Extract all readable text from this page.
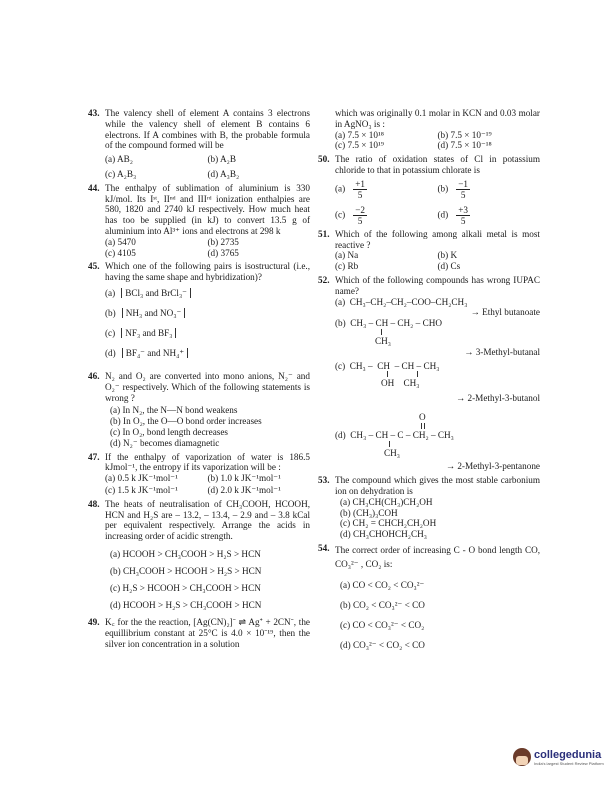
43. The valency shell of element A contains 3 electrons while the valency shell of element B contains 6 electrons. If A combines with B, the probable formula of the compound formed will be
(a) AB₂	(b) A₂B
(c) A₂B₃	(d) A₃B₂
44. The enthalpy of sublimation of aluminium is 330 kJ/mol. Its Iˢᵗ, IIⁿᵈ and IIIʳᵈ ionization enthalpies are 580, 1820 and 2740 kJ respectively. How much heat has too be supplied (in kJ) to convert 13.5 g of aluminium into Al³⁺ ions and electrons at 298 k
(a) 5470	(b) 2735
(c) 4105	(d) 3765
45. Which one of the following pairs is isostructural (i.e., having the same shape and hybridization)?
(a) BCl₃ and BrCl₃⁻
(b) NH₃ and NO₃⁻
(c) NF₃ and BF₃
(d) BF₄⁻ and NH₄⁺
46. N₂ and O₂ are converted into mono anions, N₂⁻ and O₂⁻ respectively. Which of the following statements is wrong ?
(a) In N₂, the N—N bond weakens
(b) In O₂, the O—O bond order increases
(c) In O₂, bond length decreases
(d) N₂⁻ becomes diamagnetic
47. If the enthalpy of vaporization of water is 186.5 kJmol⁻¹, the entropy if its vaporization will be :
(a) 0.5 k JK⁻¹mol⁻¹	(b) 1.0 k JK⁻¹mol⁻¹
(c) 1.5 k JK⁻¹mol⁻¹	(d) 2.0 k JK⁻¹mol⁻¹
48. The heats of neutralisation of CH₃COOH, HCOOH, HCN and H₂S are – 13.2, – 13.4, – 2.9 and – 3.8 kCal per equivalent respectively. Arrange the acids in increasing order of acidic strength.
(a) HCOOH > CH₃COOH > H₂S > HCN
(b) CH₃COOH > HCOOH > H₂S > HCN
(c) H₂S > HCOOH > CH₃COOH > HCN
(d) HCOOH > H₂S > CH₃COOH > HCN
49. K꜀ for the the reaction, [Ag(CN)₂]⁻ ⇌ Ag⁺ + 2CN⁻, the equillibrium constant at 25°C is 4.0 × 10⁻¹⁹, then the silver ion concentration in a solution
which was originally 0.1 molar in KCN and 0.03 molar in AgNO₃ is :
(a) 7.5 × 10¹⁸	(b) 7.5 × 10⁻¹⁹
(c) 7.5 × 10¹⁹	(d) 7.5 × 10⁻¹⁸
50. The ratio of oxidation states of Cl in potassium chloride to that in potassium chlorate is
$(a) \frac{+1}{5}$	$(b) \frac{-1}{5}$
$(c) \frac{-2}{5}$	$(d) \frac{+3}{5}$
51. Which of the following among alkali metal is most reactive ?
(a) Na	(b) K
(c) Rb	(d) Cs
52. Which of the following compounds has wrong IUPAC name?
(a)  CH₃–CH₂–CH₂–COO–CH₂CH₃
→ Ethyl butanoate
(b)  CH₃ – CH – CH₂ – CHO
CH₃
→ 3-Methyl-butanal
(c)  CH₃ –  CH  – CH – CH₃
OH    CH₃
→ 2-Methyl-3-butanol
O
(d)  CH₃ – CH – C – CH₂ – CH₃
CH₃
→ 2-Methyl-3-pentanone
53. The compound which gives the most stable carbonium ion on dehydration is
(a) CH₃CH(CH₃)CH₂OH
(b) (CH₃)₃COH
(c) CH₂ = CHCH₂CH₂OH
(d) CH₃CHOHCH₂CH₃
54. The correct order of increasing C - O bond length CO, CO₃²⁻ , CO₂ is:
(a) CO < CO₂ < CO₃²⁻
(b) CO₂ < CO₃²⁻ < CO
(c) CO < CO₃²⁻ < CO₂
(d) CO₃²⁻ < CO₂ < CO
collegedunia
India's largest Student Review Platform
